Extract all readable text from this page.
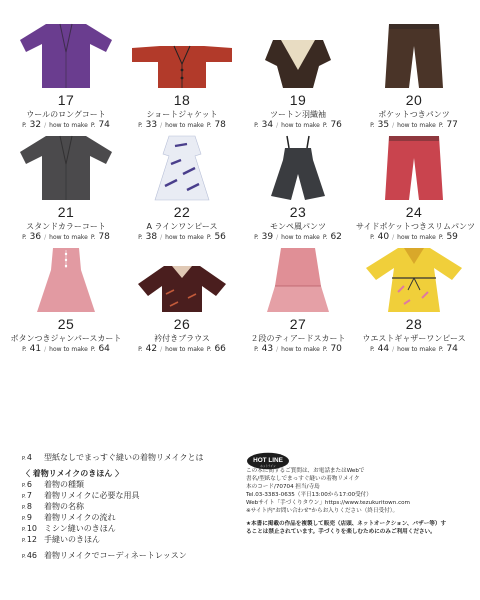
17
ウールのロングコート
P. 32 / how to make P. 74
18
ショートジャケット
P. 33 / how to make P. 78
19
ツートン羽織袖
P. 34 / how to make P. 76
20
ポケットつきパンツ
P. 35 / how to make P. 77
21
スタンドカラーコート
P. 36 / how to make P. 78
22
A ラインワンピース
P. 38 / how to make P. 56
23
モンペ風パンツ
P. 39 / how to make P. 62
24
サイドポケットつきスリムパンツ
P. 40 / how to make P. 59
25
ボタンつきジャンパースカート
P. 41 / how to make P. 64
26
衿付きブラウス
P. 42 / how to make P. 66
27
２段のティアードスカート
P. 43 / how to make P. 70
28
ウエストギャザーワンピース
P. 44 / how to make P. 74
P.4	型紙なしでまっすぐ縫いの着物リメイクとは
〈 着物リメイクのきほん 〉
P.6	着物の種類
P.7	着物リメイクに必要な用具
P.8	着物の名称
P.9	着物リメイクの流れ
P.10 ミシン縫いのきほん
P.12 手縫いのきほん
P.46 着物リメイクでコーディネートレッスン
HOT LINE
ホットライン
この本に関するご質問は、お電話またはWebで
書名/型紙なしでまっすぐ縫いの着物リメイク
本のコード/70704 担当/寺島
Tel.03-3383-0635（平日13:00から17:00受付）
Webサイト「手づくりタウン」https://www.tezukuritown.com
※サイト内"お問い合わせ"からお入りください（終日受付）。
★本書に掲載の作品を複製して販売（店頭、ネットオークション、バザー等）す
ることは禁止されています。手づくりを楽しむためにのみご利用ください。
